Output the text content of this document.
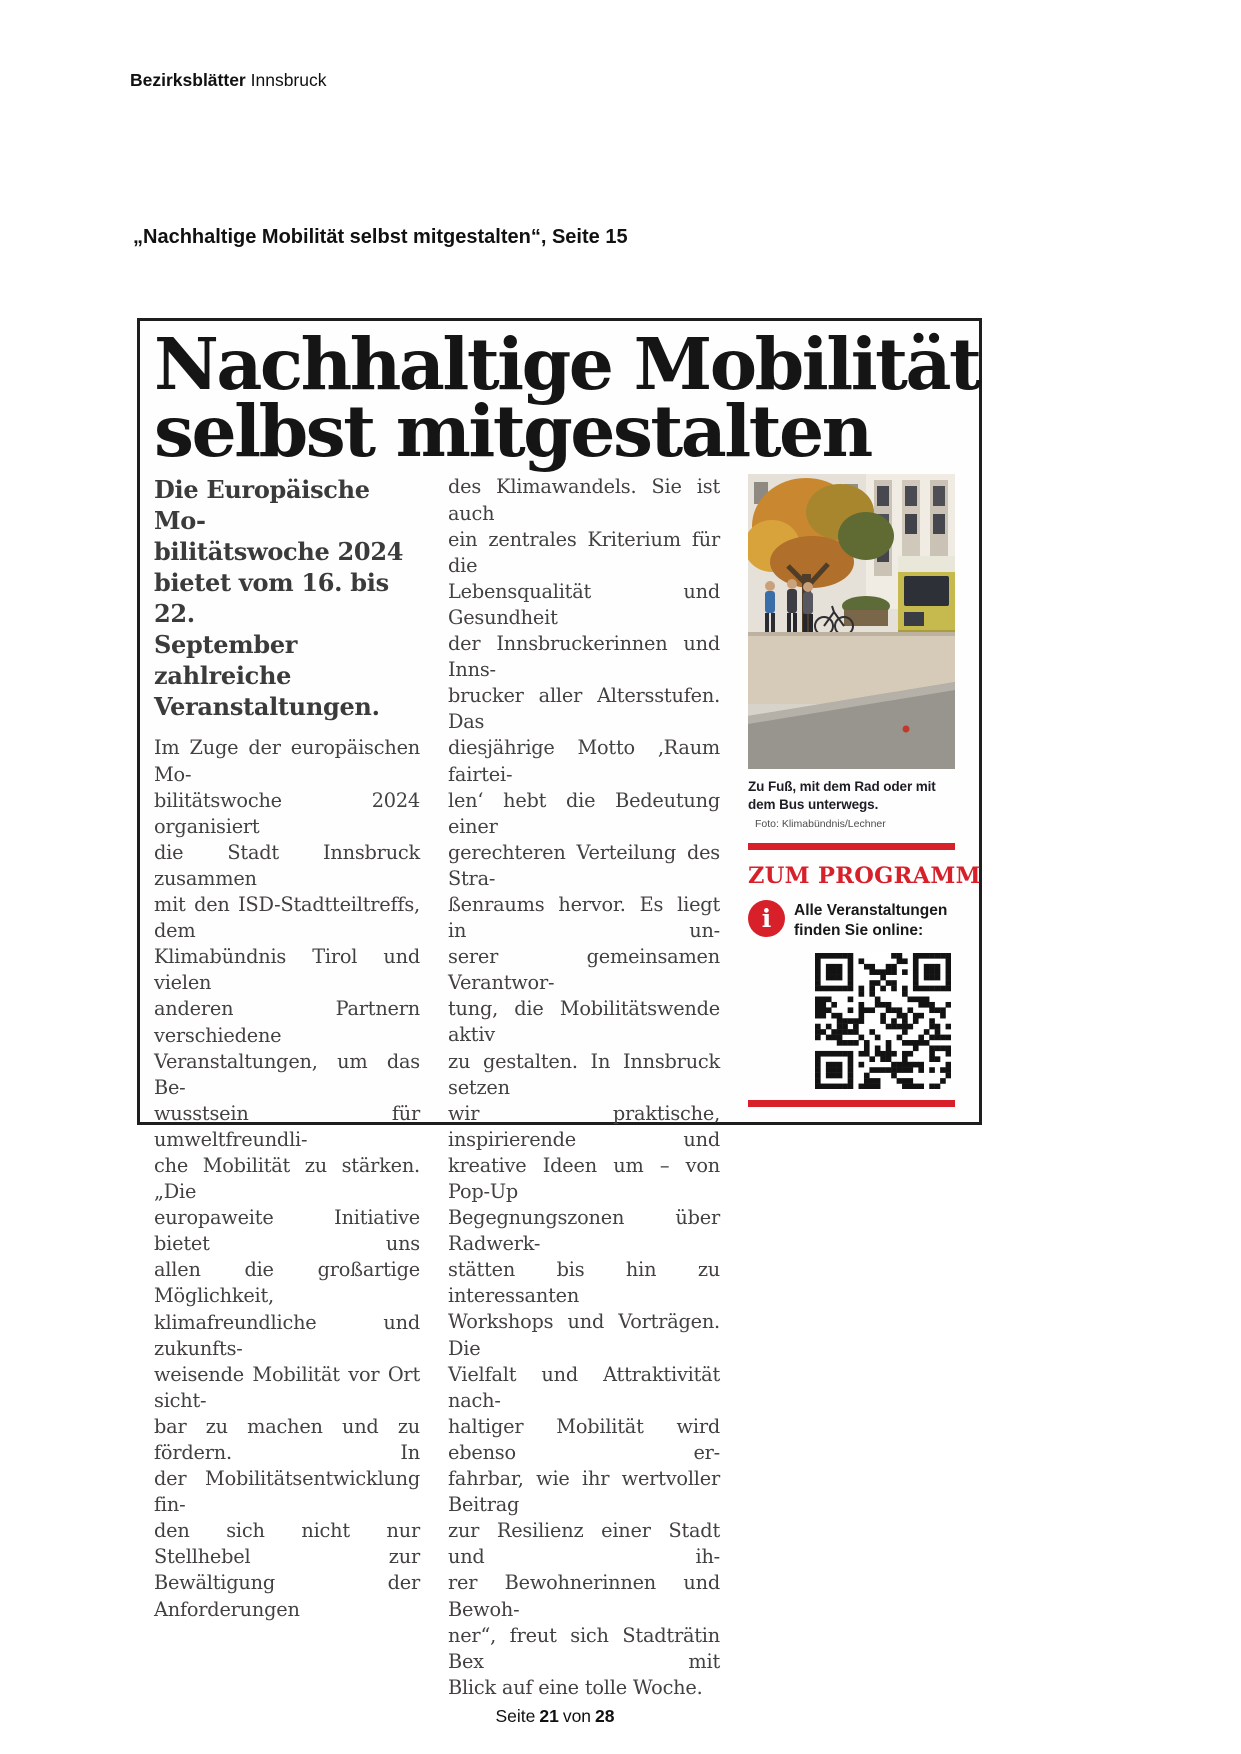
Bezirksblätter Innsbruck
„Nachhaltige Mobilität selbst mitgestalten“, Seite 15
Nachhaltige Mobilität
selbst mitgestalten
Die Europäische Mo-
bilitätswoche 2024
bietet vom 16. bis 22.
September zahlreiche
Veranstaltungen.
Im Zuge der europäischen Mo-
bilitätswoche 2024 organisiert
die Stadt Innsbruck zusammen
mit den ISD-Stadtteiltreffs, dem
Klimabündnis Tirol und vielen
anderen Partnern verschiedene
Veranstaltungen, um das Be-
wusstsein für umweltfreundli-
che Mobilität zu stärken. „Die
europaweite Initiative bietet uns
allen die großartige Möglichkeit,
klimafreundliche und zukunfts-
weisende Mobilität vor Ort sicht-
bar zu machen und zu fördern. In
der Mobilitätsentwicklung fin-
den sich nicht nur Stellhebel zur
Bewältigung der Anforderungen
des Klimawandels. Sie ist auch
ein zentrales Kriterium für die
Lebensqualität und Gesundheit
der Innsbruckerinnen und Inns-
brucker aller Altersstufen. Das
diesjährige Motto ‚Raum fairtei-
len‘ hebt die Bedeutung einer
gerechteren Verteilung des Stra-
ßenraums hervor. Es liegt in un-
serer gemeinsamen Verantwor-
tung, die Mobilitätswende aktiv
zu gestalten. In Innsbruck setzen
wir praktische, inspirierende und
kreative Ideen um – von Pop-Up
Begegnungszonen über Radwerk-
stätten bis hin zu interessanten
Workshops und Vorträgen. Die
Vielfalt und Attraktivität nach-
haltiger Mobilität wird ebenso er-
fahrbar, wie ihr wertvoller Beitrag
zur Resilienz einer Stadt und ih-
rer Bewohnerinnen und Bewoh-
ner“, freut sich Stadträtin Bex mit
Blick auf eine tolle Woche.
Zu Fuß, mit dem Rad oder mit dem Bus unterwegs. Foto: Klimabündnis/Lechner
ZUM PROGRAMM
i Alle Veranstaltungen
finden Sie online:
Seite 21 von 28
